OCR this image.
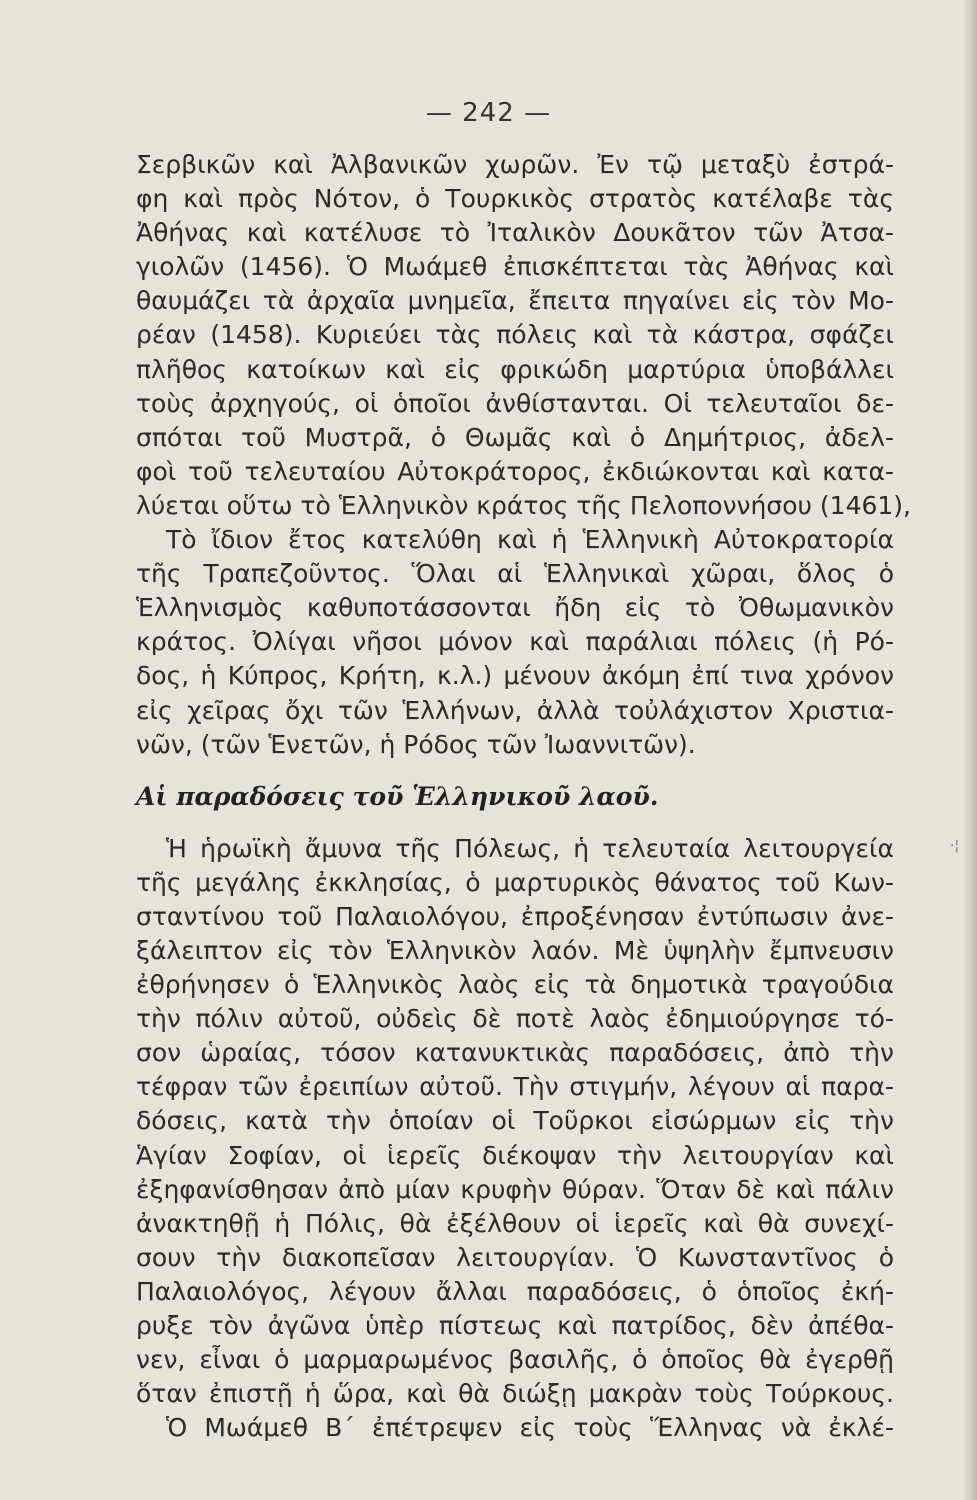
— 242 —
·¦
Σερβικῶν καὶ Ἀλβανικῶν χωρῶν. Ἐν τῷ μεταξὺ ἐστρά-
φη καὶ πρὸς Νότον, ὁ Τουρκικὸς στρατὸς κατέλαβε τὰς
Ἀθήνας καὶ κατέλυσε τὸ Ἰταλικὸν Δουκᾶτον τῶν Ἀτσα-
γιολῶν (1456). Ὁ Μωάμεθ ἐπισκέπτεται τὰς Ἀθήνας καὶ
θαυμάζει τὰ ἀρχαῖα μνημεῖα, ἔπειτα πηγαίνει εἰς τὸν Μο-
ρέαν (1458). Κυριεύει τὰς πόλεις καὶ τὰ κάστρα, σφάζει
πλῆθος κατοίκων καὶ εἰς φρικώδη μαρτύρια ὑποβάλλει
τοὺς ἀρχηγούς, οἱ ὁποῖοι ἀνθίστανται. Οἱ τελευταῖοι δε-
σπόται τοῦ Μυστρᾶ, ὁ Θωμᾶς καὶ ὁ Δημήτριος, ἀδελ-
φοὶ τοῦ τελευταίου Αὐτοκράτορος, ἐκδιώκονται καὶ κατα-
λύεται οὕτω τὸ Ἑλληνικὸν κράτος τῆς Πελοποννήσου (1461),
Τὸ ἴδιον ἔτος κατελύθη καὶ ἡ Ἑλληνικὴ Αὐτοκρατορία
τῆς Τραπεζοῦντος. Ὅλαι αἱ Ἑλληνικαὶ χῶραι, ὅλος ὁ
Ἑλληνισμὸς καθυποτάσσονται ἤδη εἰς τὸ Ὀθωμανικὸν
κράτος. Ὀλίγαι νῆσοι μόνον καὶ παράλιαι πόλεις (ἡ Ρό-
δος, ἡ Κύπρος, Κρήτη, κ.λ.) μένουν ἀκόμη ἐπί τινα χρόνον
εἰς χεῖρας ὄχι τῶν Ἑλλήνων, ἀλλὰ τοὐλάχιστον Χριστια-
νῶν, (τῶν Ἑνετῶν, ἡ Ρόδος τῶν Ἰωαννιτῶν).
Αἱ παραδόσεις τοῦ Ἑλληνικοῦ λαοῦ.
Ἡ ἡρωϊκὴ ἄμυνα τῆς Πόλεως, ἡ τελευταία λειτουργεία
τῆς μεγάλης ἐκκλησίας, ὁ μαρτυρικὸς θάνατος τοῦ Κων-
σταντίνου τοῦ Παλαιολόγου, ἐπροξένησαν ἐντύπωσιν ἀνε-
ξάλειπτον εἰς τὸν Ἑλληνικὸν λαόν. Μὲ ὑψηλὴν ἔμπνευσιν
ἐθρήνησεν ὁ Ἑλληνικὸς λαὸς εἰς τὰ δημοτικὰ τραγούδια
τὴν πόλιν αὐτοῦ, οὐδεὶς δὲ ποτὲ λαὸς ἐδημιούργησε τό-
σον ὡραίας, τόσον κατανυκτικὰς παραδόσεις, ἀπὸ τὴν
τέφραν τῶν ἐρειπίων αὐτοῦ. Τὴν στιγμήν, λέγουν αἱ παρα-
δόσεις, κατὰ τὴν ὁποίαν οἱ Τοῦρκοι εἰσώρμων εἰς τὴν
Ἁγίαν Σοφίαν, οἱ ἱερεῖς διέκοψαν τὴν λειτουργίαν καὶ
ἐξηφανίσθησαν ἀπὸ μίαν κρυφὴν θύραν. Ὅταν δὲ καὶ πάλιν
ἀνακτηθῇ ἡ Πόλις, θὰ ἐξέλθουν οἱ ἱερεῖς καὶ θὰ συνεχί-
σουν τὴν διακοπεῖσαν λειτουργίαν. Ὁ Κωνσταντῖνος ὁ
Παλαιολόγος, λέγουν ἄλλαι παραδόσεις, ὁ ὁποῖος ἐκή-
ρυξε τὸν ἀγῶνα ὑπὲρ πίστεως καὶ πατρίδος, δὲν ἀπέθα-
νεν, εἶναι ὁ μαρμαρωμένος βασιλῆς, ὁ ὁποῖος θὰ ἐγερθῇ
ὅταν ἐπιστῇ ἡ ὥρα, καὶ θὰ διώξῃ μακρὰν τοὺς Τούρκους.
Ὁ Μωάμεθ Β΄ ἐπέτρεψεν εἰς τοὺς Ἕλληνας νὰ ἐκλέ-
